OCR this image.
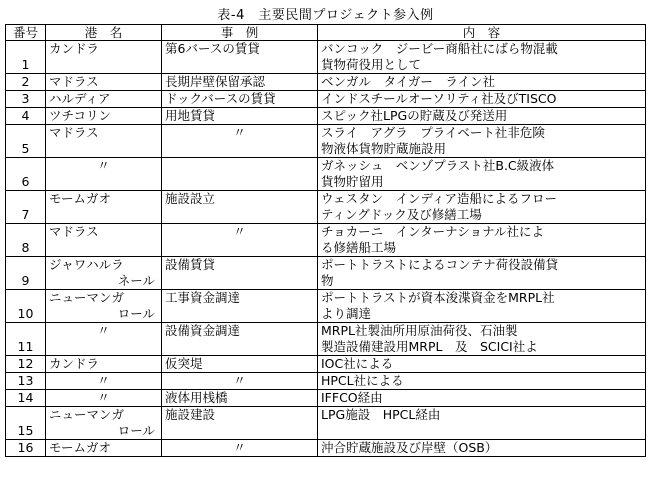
表-4　主要民間プロジェクト参入例
番号	港　名	事　例	内　容
1	カンドラ	第6バースの賃貸	バンコック　ジービー商船社にばら物混載
貨物荷役用として

2	マドラス	長期岸壁保留承認	ベンガル　タイガー　ライン社

3	ハルディア	ドックバースの賃貸	インドスチールオーソリティ社及びTISCO

4	ツチコリン	用地賃貸	スピック社LPGの貯蔵及び発送用

5	マドラス	〃	スライ　アグラ　プライベート社非危険
物液体貨物貯蔵施設用

6	〃		ガネッシュ　ベンゾプラスト社B.C級液体
貨物貯留用

7	モームガオ	施設設立	ウェスタン　インディア造船によるフロー
ティングドック及び修繕工場

8	マドラス	〃	チョカーニ　インターナショナル社によ
る修繕船工場

9	ジャワハルラ
ネール	設備賃貸	ポートトラストによるコンテナ荷役設備貸
物

10	ニューマンガ
ロール	工事資金調達	ポートトラストが資本浚渫資金をMRPL社
より調達

11	〃	設備資金調達	MRPL社製油所用原油荷役、石油製
製造設備建設用MRPL　及　SCICI社よ

12	カンドラ	仮突堤	IOC社による

13	〃	〃	HPCL社による

14	〃	液体用桟橋	IFFCO経由

15	ニューマンガ
ロール	施設建設	LPG施設　HPCL経由

16	モームガオ	〃	沖合貯蔵施設及び岸壁（OSB）
